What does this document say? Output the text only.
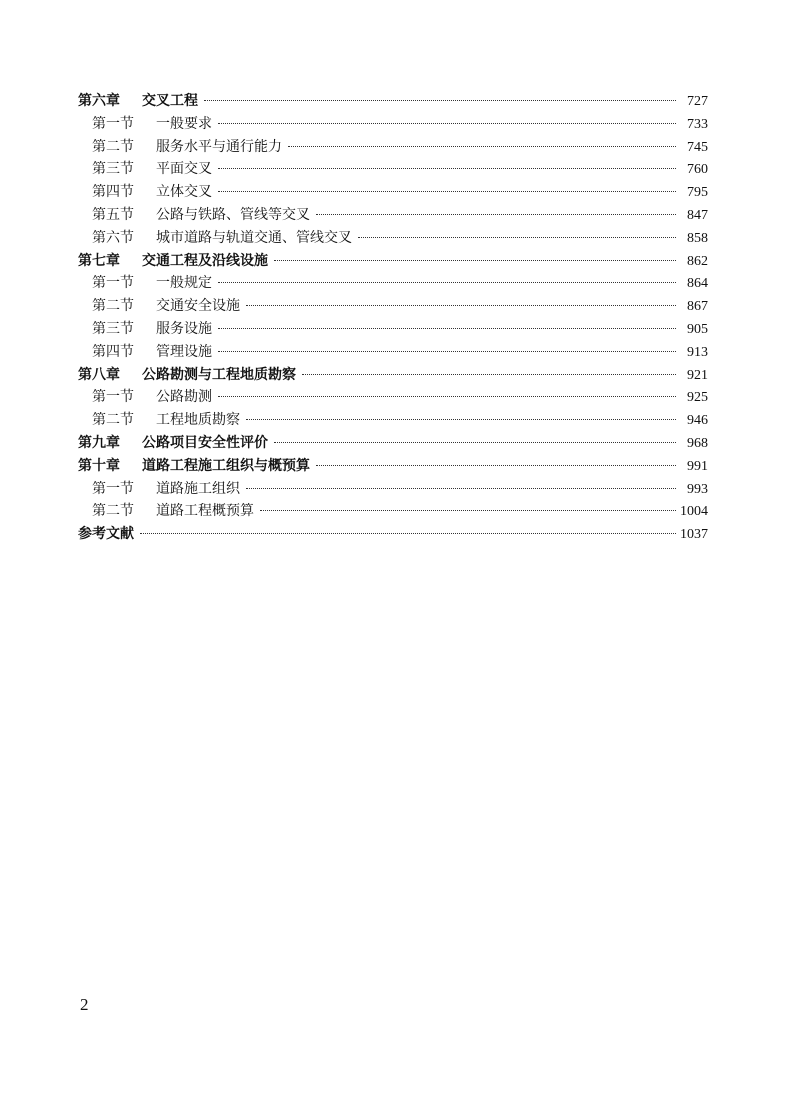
第六章	交叉工程	727
第一节	一般要求	733
第二节	服务水平与通行能力	745
第三节	平面交叉	760
第四节	立体交叉	795
第五节	公路与铁路、管线等交叉	847
第六节	城市道路与轨道交通、管线交叉	858
第七章	交通工程及沿线设施	862
第一节	一般规定	864
第二节	交通安全设施	867
第三节	服务设施	905
第四节	管理设施	913
第八章	公路勘测与工程地质勘察	921
第一节	公路勘测	925
第二节	工程地质勘察	946
第九章	公路项目安全性评价	968
第十章	道路工程施工组织与概预算	991
第一节	道路施工组织	993
第二节	道路工程概预算	1004
参考文献	1037
2
